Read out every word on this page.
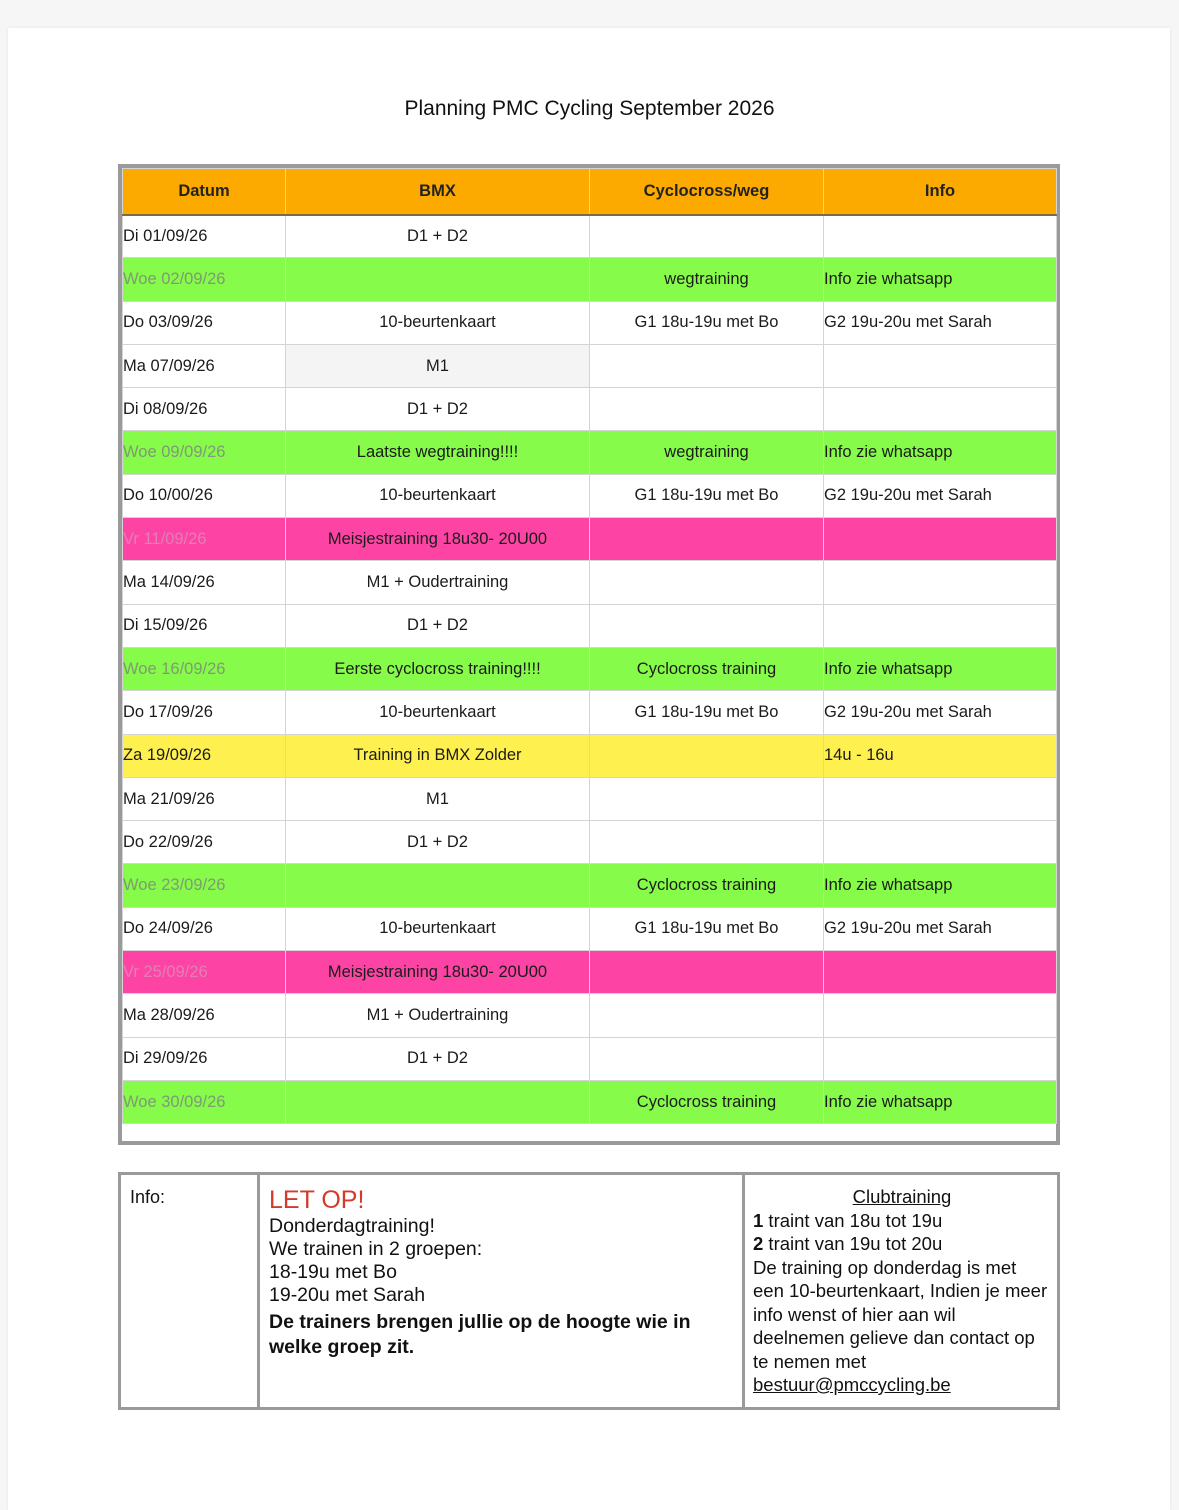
Planning PMC Cycling September 2026
Datum	BMX	Cyclocross/weg	Info
Di 01/09/26	D1 + D2		
Woe 02/09/26		wegtraining	Info zie whatsapp
Do 03/09/26	10-beurtenkaart	G1 18u-19u met Bo	G2 19u-20u met Sarah
Ma 07/09/26	M1		
Di 08/09/26	D1 + D2		
Woe 09/09/26	Laatste wegtraining!!!!	wegtraining	Info zie whatsapp
Do 10/00/26	10-beurtenkaart	G1 18u-19u met Bo	G2 19u-20u met Sarah
Vr 11/09/26	Meisjestraining 18u30- 20U00		
Ma 14/09/26	M1 + Oudertraining		
Di 15/09/26	D1 + D2		
Woe 16/09/26	Eerste cyclocross training!!!!	Cyclocross training	Info zie whatsapp
Do 17/09/26	10-beurtenkaart	G1 18u-19u met Bo	G2 19u-20u met Sarah
Za 19/09/26	Training in BMX Zolder		14u - 16u
Ma 21/09/26	M1		
Do 22/09/26	D1 + D2		
Woe 23/09/26		Cyclocross training	Info zie whatsapp
Do 24/09/26	10-beurtenkaart	G1 18u-19u met Bo	G2 19u-20u met Sarah
Vr 25/09/26	Meisjestraining 18u30- 20U00		
Ma 28/09/26	M1 + Oudertraining		
Di 29/09/26	D1 + D2		
Woe 30/09/26		Cyclocross training	Info zie whatsapp
Info:	LET OP!
Donderdagtraining!
We trainen in 2 groepen:
18-19u met Bo
19-20u met Sarah
De trainers brengen jullie op de hoogte wie in welke groep zit.
Clubtraining
1 traint van 18u tot 19u
2 traint van 19u tot 20u
De training op donderdag is met een 10-beurtenkaart, Indien je meer info wenst of hier aan wil deelnemen gelieve dan contact op te nemen met
bestuur@pmccycling.be
